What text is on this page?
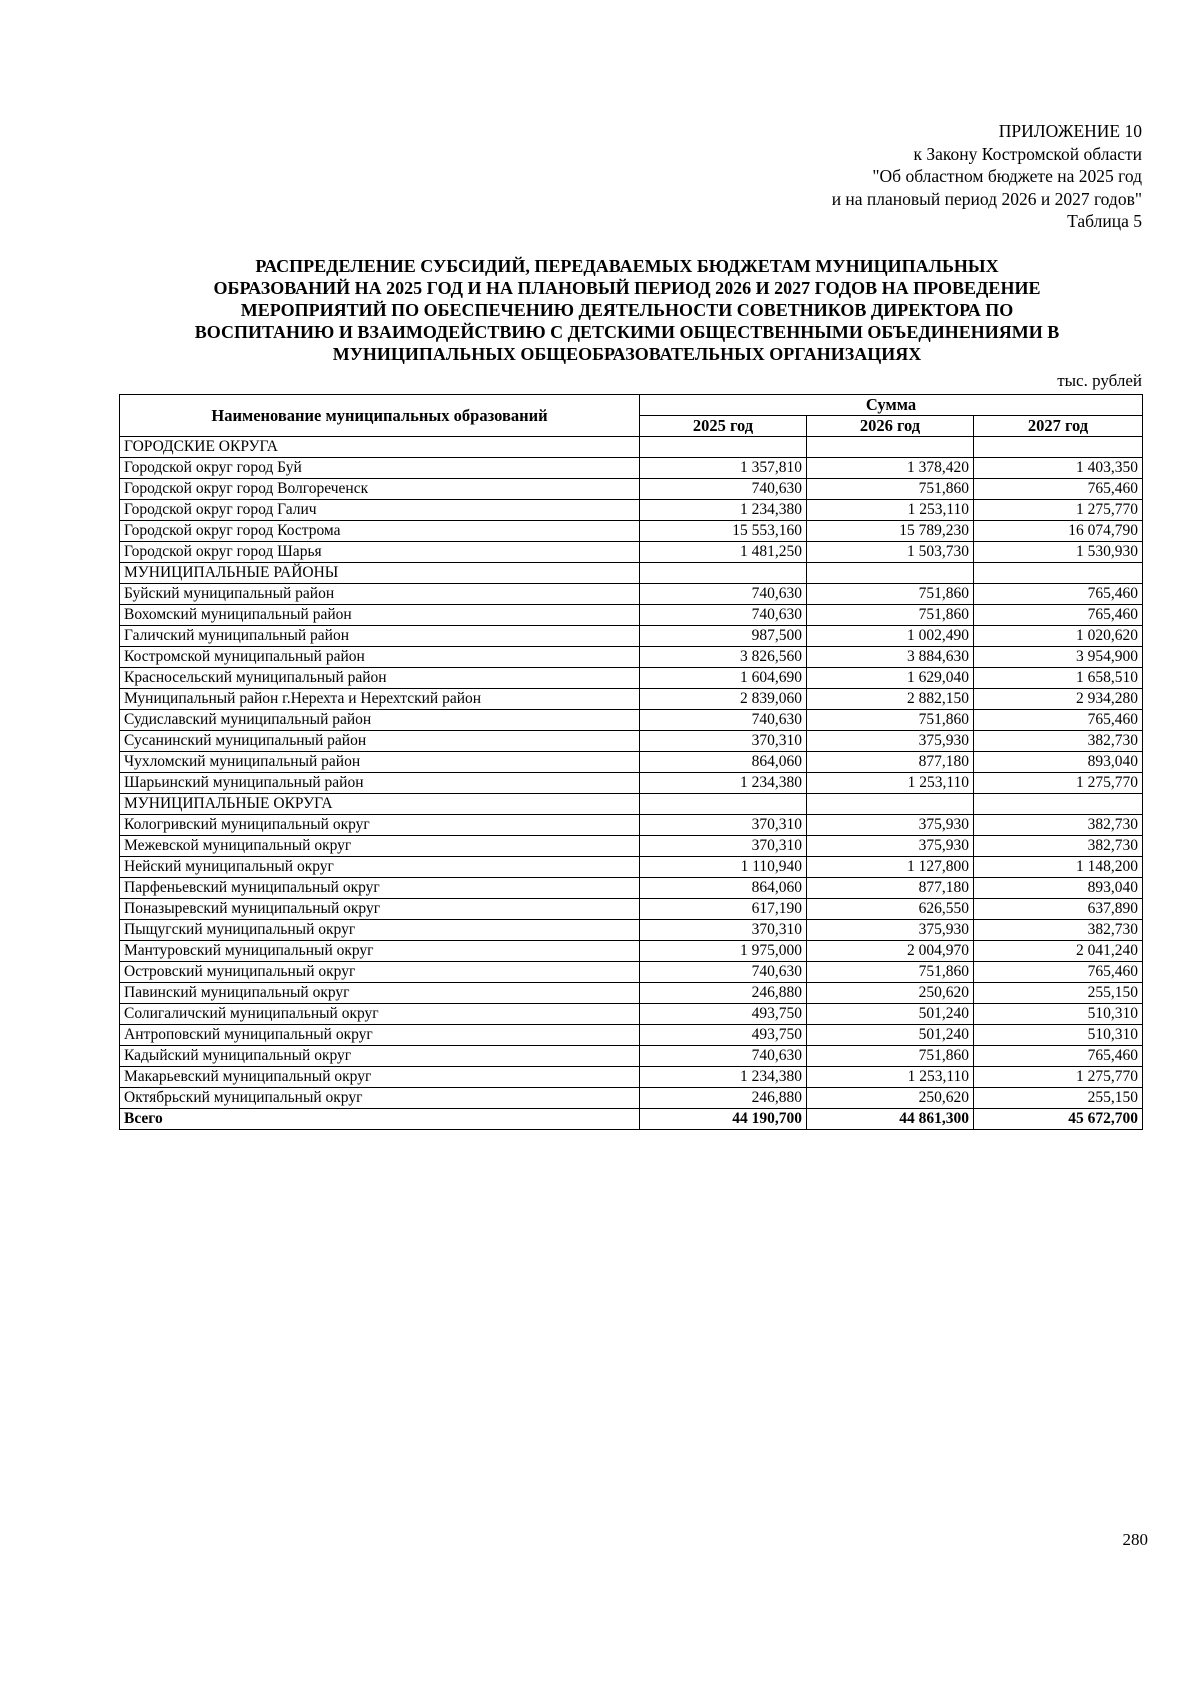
ПРИЛОЖЕНИЕ 10
к Закону Костромской области
"Об областном бюджете на 2025 год
и на плановый период 2026 и 2027 годов"
Таблица 5
РАСПРЕДЕЛЕНИЕ СУБСИДИЙ, ПЕРЕДАВАЕМЫХ БЮДЖЕТАМ МУНИЦИПАЛЬНЫХ
ОБРАЗОВАНИЙ НА 2025 ГОД И НА ПЛАНОВЫЙ ПЕРИОД 2026 И 2027 ГОДОВ НА ПРОВЕДЕНИЕ
МЕРОПРИЯТИЙ ПО ОБЕСПЕЧЕНИЮ ДЕЯТЕЛЬНОСТИ СОВЕТНИКОВ ДИРЕКТОРА ПО
ВОСПИТАНИЮ И ВЗАИМОДЕЙСТВИЮ С ДЕТСКИМИ ОБЩЕСТВЕННЫМИ ОБЪЕДИНЕНИЯМИ В
МУНИЦИПАЛЬНЫХ ОБЩЕОБРАЗОВАТЕЛЬНЫХ ОРГАНИЗАЦИЯХ
тыс. рублей
Наименование муниципальных образований	Сумма		
	2025 год	2026 год	2027 год
ГОРОДСКИЕ ОКРУГА			
Городской округ город Буй	1 357,810	1 378,420	1 403,350
Городской округ город Волгореченск	740,630	751,860	765,460
Городской округ город Галич	1 234,380	1 253,110	1 275,770
Городской округ город Кострома	15 553,160	15 789,230	16 074,790
Городской округ город Шарья	1 481,250	1 503,730	1 530,930
МУНИЦИПАЛЬНЫЕ РАЙОНЫ			
Буйский муниципальный район	740,630	751,860	765,460
Вохомский муниципальный район	740,630	751,860	765,460
Галичский муниципальный район	987,500	1 002,490	1 020,620
Костромской муниципальный район	3 826,560	3 884,630	3 954,900
Красносельский муниципальный район	1 604,690	1 629,040	1 658,510
Муниципальный район г.Нерехта и Нерехтский район	2 839,060	2 882,150	2 934,280
Судиславский муниципальный район	740,630	751,860	765,460
Сусанинский муниципальный район	370,310	375,930	382,730
Чухломский муниципальный район	864,060	877,180	893,040
Шарьинский муниципальный район	1 234,380	1 253,110	1 275,770
МУНИЦИПАЛЬНЫЕ ОКРУГА			
Кологривский муниципальный округ	370,310	375,930	382,730
Межевской муниципальный округ	370,310	375,930	382,730
Нейский муниципальный округ	1 110,940	1 127,800	1 148,200
Парфеньевский муниципальный округ	864,060	877,180	893,040
Поназыревский муниципальный округ	617,190	626,550	637,890
Пыщугский муниципальный округ	370,310	375,930	382,730
Мантуровский муниципальный округ	1 975,000	2 004,970	2 041,240
Островский муниципальный округ	740,630	751,860	765,460
Павинский муниципальный округ	246,880	250,620	255,150
Солигаличский муниципальный округ	493,750	501,240	510,310
Антроповский муниципальный округ	493,750	501,240	510,310
Кадыйский муниципальный округ	740,630	751,860	765,460
Макарьевский муниципальный округ	1 234,380	1 253,110	1 275,770
Октябрьский муниципальный округ	246,880	250,620	255,150
Всего	44 190,700	44 861,300	45 672,700
280
